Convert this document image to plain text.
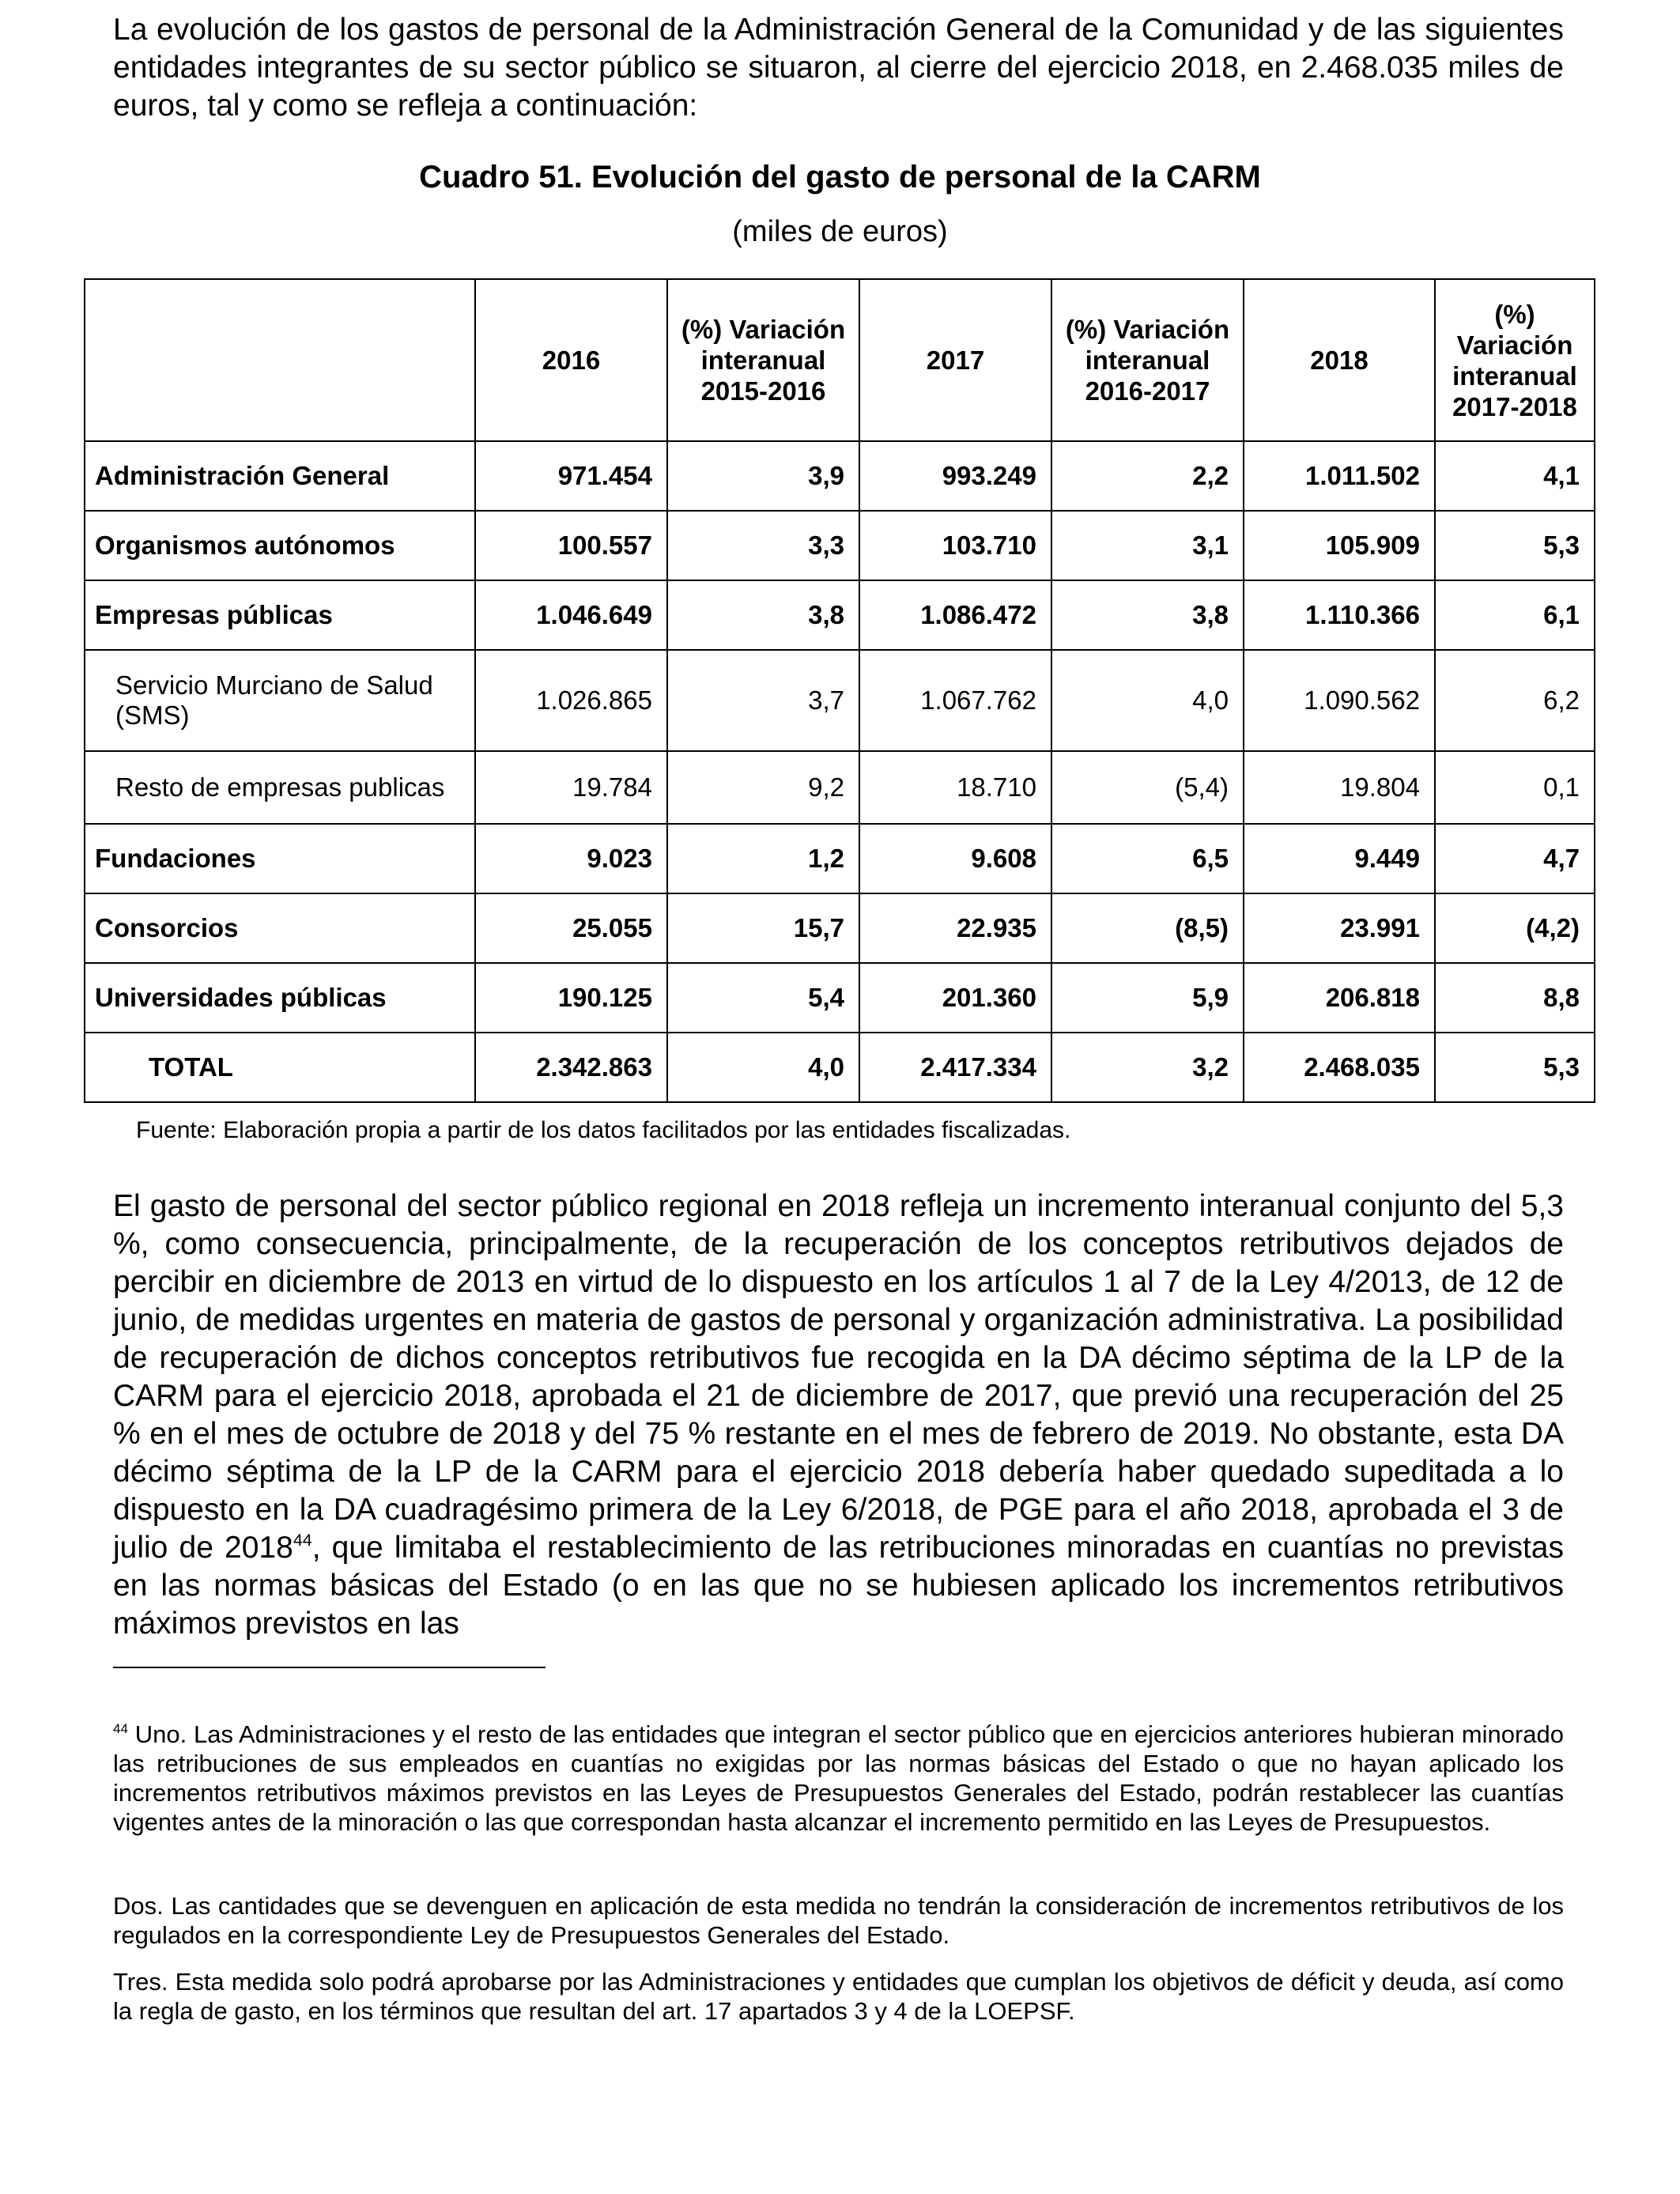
La evolución de los gastos de personal de la Administración General de la Comunidad y de las siguientes entidades integrantes de su sector público se situaron, al cierre del ejercicio 2018, en 2.468.035 miles de euros, tal y como se refleja a continuación:

Cuadro 51. Evolución del gasto de personal de la CARM

(miles de euros)

	2016	(%) Variación interanual 2015-2016	2017	(%) Variación interanual 2016-2017	2018	(%) Variación interanual 2017-2018
Administración General	971.454	3,9	993.249	2,2	1.011.502	4,1
Organismos autónomos	100.557	3,3	103.710	3,1	105.909	5,3
Empresas públicas	1.046.649	3,8	1.086.472	3,8	1.110.366	6,1
Servicio Murciano de Salud (SMS)	1.026.865	3,7	1.067.762	4,0	1.090.562	6,2
Resto de empresas publicas	19.784	9,2	18.710	(5,4)	19.804	0,1
Fundaciones	9.023	1,2	9.608	6,5	9.449	4,7
Consorcios	25.055	15,7	22.935	(8,5)	23.991	(4,2)
Universidades públicas	190.125	5,4	201.360	5,9	206.818	8,8
TOTAL	2.342.863	4,0	2.417.334	3,2	2.468.035	5,3

Fuente: Elaboración propia a partir de los datos facilitados por las entidades fiscalizadas.

El gasto de personal del sector público regional en 2018 refleja un incremento interanual conjunto del 5,3 %, como consecuencia, principalmente, de la recuperación de los conceptos retributivos dejados de percibir en diciembre de 2013 en virtud de lo dispuesto en los artículos 1 al 7 de la Ley 4/2013, de 12 de junio, de medidas urgentes en materia de gastos de personal y organización administrativa. La posibilidad de recuperación de dichos conceptos retributivos fue recogida en la DA décimo séptima de la LP de la CARM para el ejercicio 2018, aprobada el 21 de diciembre de 2017, que previó una recuperación del 25 % en el mes de octubre de 2018 y del 75 % restante en el mes de febrero de 2019. No obstante, esta DA décimo séptima de la LP de la CARM para el ejercicio 2018 debería haber quedado supeditada a lo dispuesto en la DA cuadragésimo primera de la Ley 6/2018, de PGE para el año 2018, aprobada el 3 de julio de 2018$^{44}$, que limitaba el restablecimiento de las retribuciones minoradas en cuantías no previstas en las normas básicas del Estado (o en las que no se hubiesen aplicado los incrementos retributivos máximos previstos en las

$^{44}$ Uno. Las Administraciones y el resto de las entidades que integran el sector público que en ejercicios anteriores hubieran minorado las retribuciones de sus empleados en cuantías no exigidas por las normas básicas del Estado o que no hayan aplicado los incrementos retributivos máximos previstos en las Leyes de Presupuestos Generales del Estado, podrán restablecer las cuantías vigentes antes de la minoración o las que correspondan hasta alcanzar el incremento permitido en las Leyes de Presupuestos.

Dos. Las cantidades que se devenguen en aplicación de esta medida no tendrán la consideración de incrementos retributivos de los regulados en la correspondiente Ley de Presupuestos Generales del Estado.

Tres. Esta medida solo podrá aprobarse por las Administraciones y entidades que cumplan los objetivos de déficit y deuda, así como la regla de gasto, en los términos que resultan del art. 17 apartados 3 y 4 de la LOEPSF.
